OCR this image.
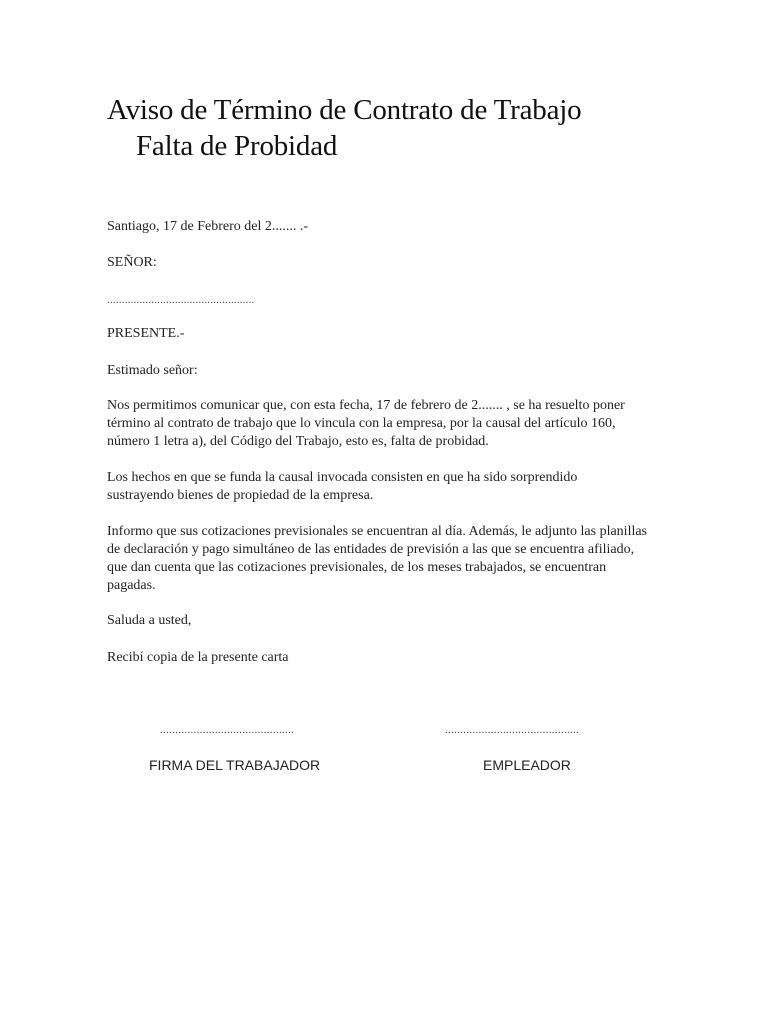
Aviso de Término de Contrato de Trabajo
Falta de Probidad

Santiago, 17 de Febrero del 2....... .-

SEÑOR:

..................................................

PRESENTE.-

Estimado señor:

Nos permitimos comunicar que, con esta fecha, 17 de febrero de 2....... , se ha resuelto poner término al contrato de trabajo que lo vincula con la empresa, por la causal del artículo 160, número 1 letra a), del Código del Trabajo, esto es, falta de probidad.

Los hechos en que se funda la causal invocada consisten en que ha sido sorprendido sustrayendo bienes de propiedad de la empresa.

Informo que sus cotizaciones previsionales se encuentran al día. Además, le adjunto las planillas de declaración y pago simultáneo de las entidades de previsión a las que se encuentra afiliado, que dan cuenta que las cotizaciones previsionales, de los meses trabajados, se encuentran pagadas.

Saluda a usted,

Recibí copia de la presente carta

............................................
FIRMA DEL TRABAJADOR
............................................
EMPLEADOR
